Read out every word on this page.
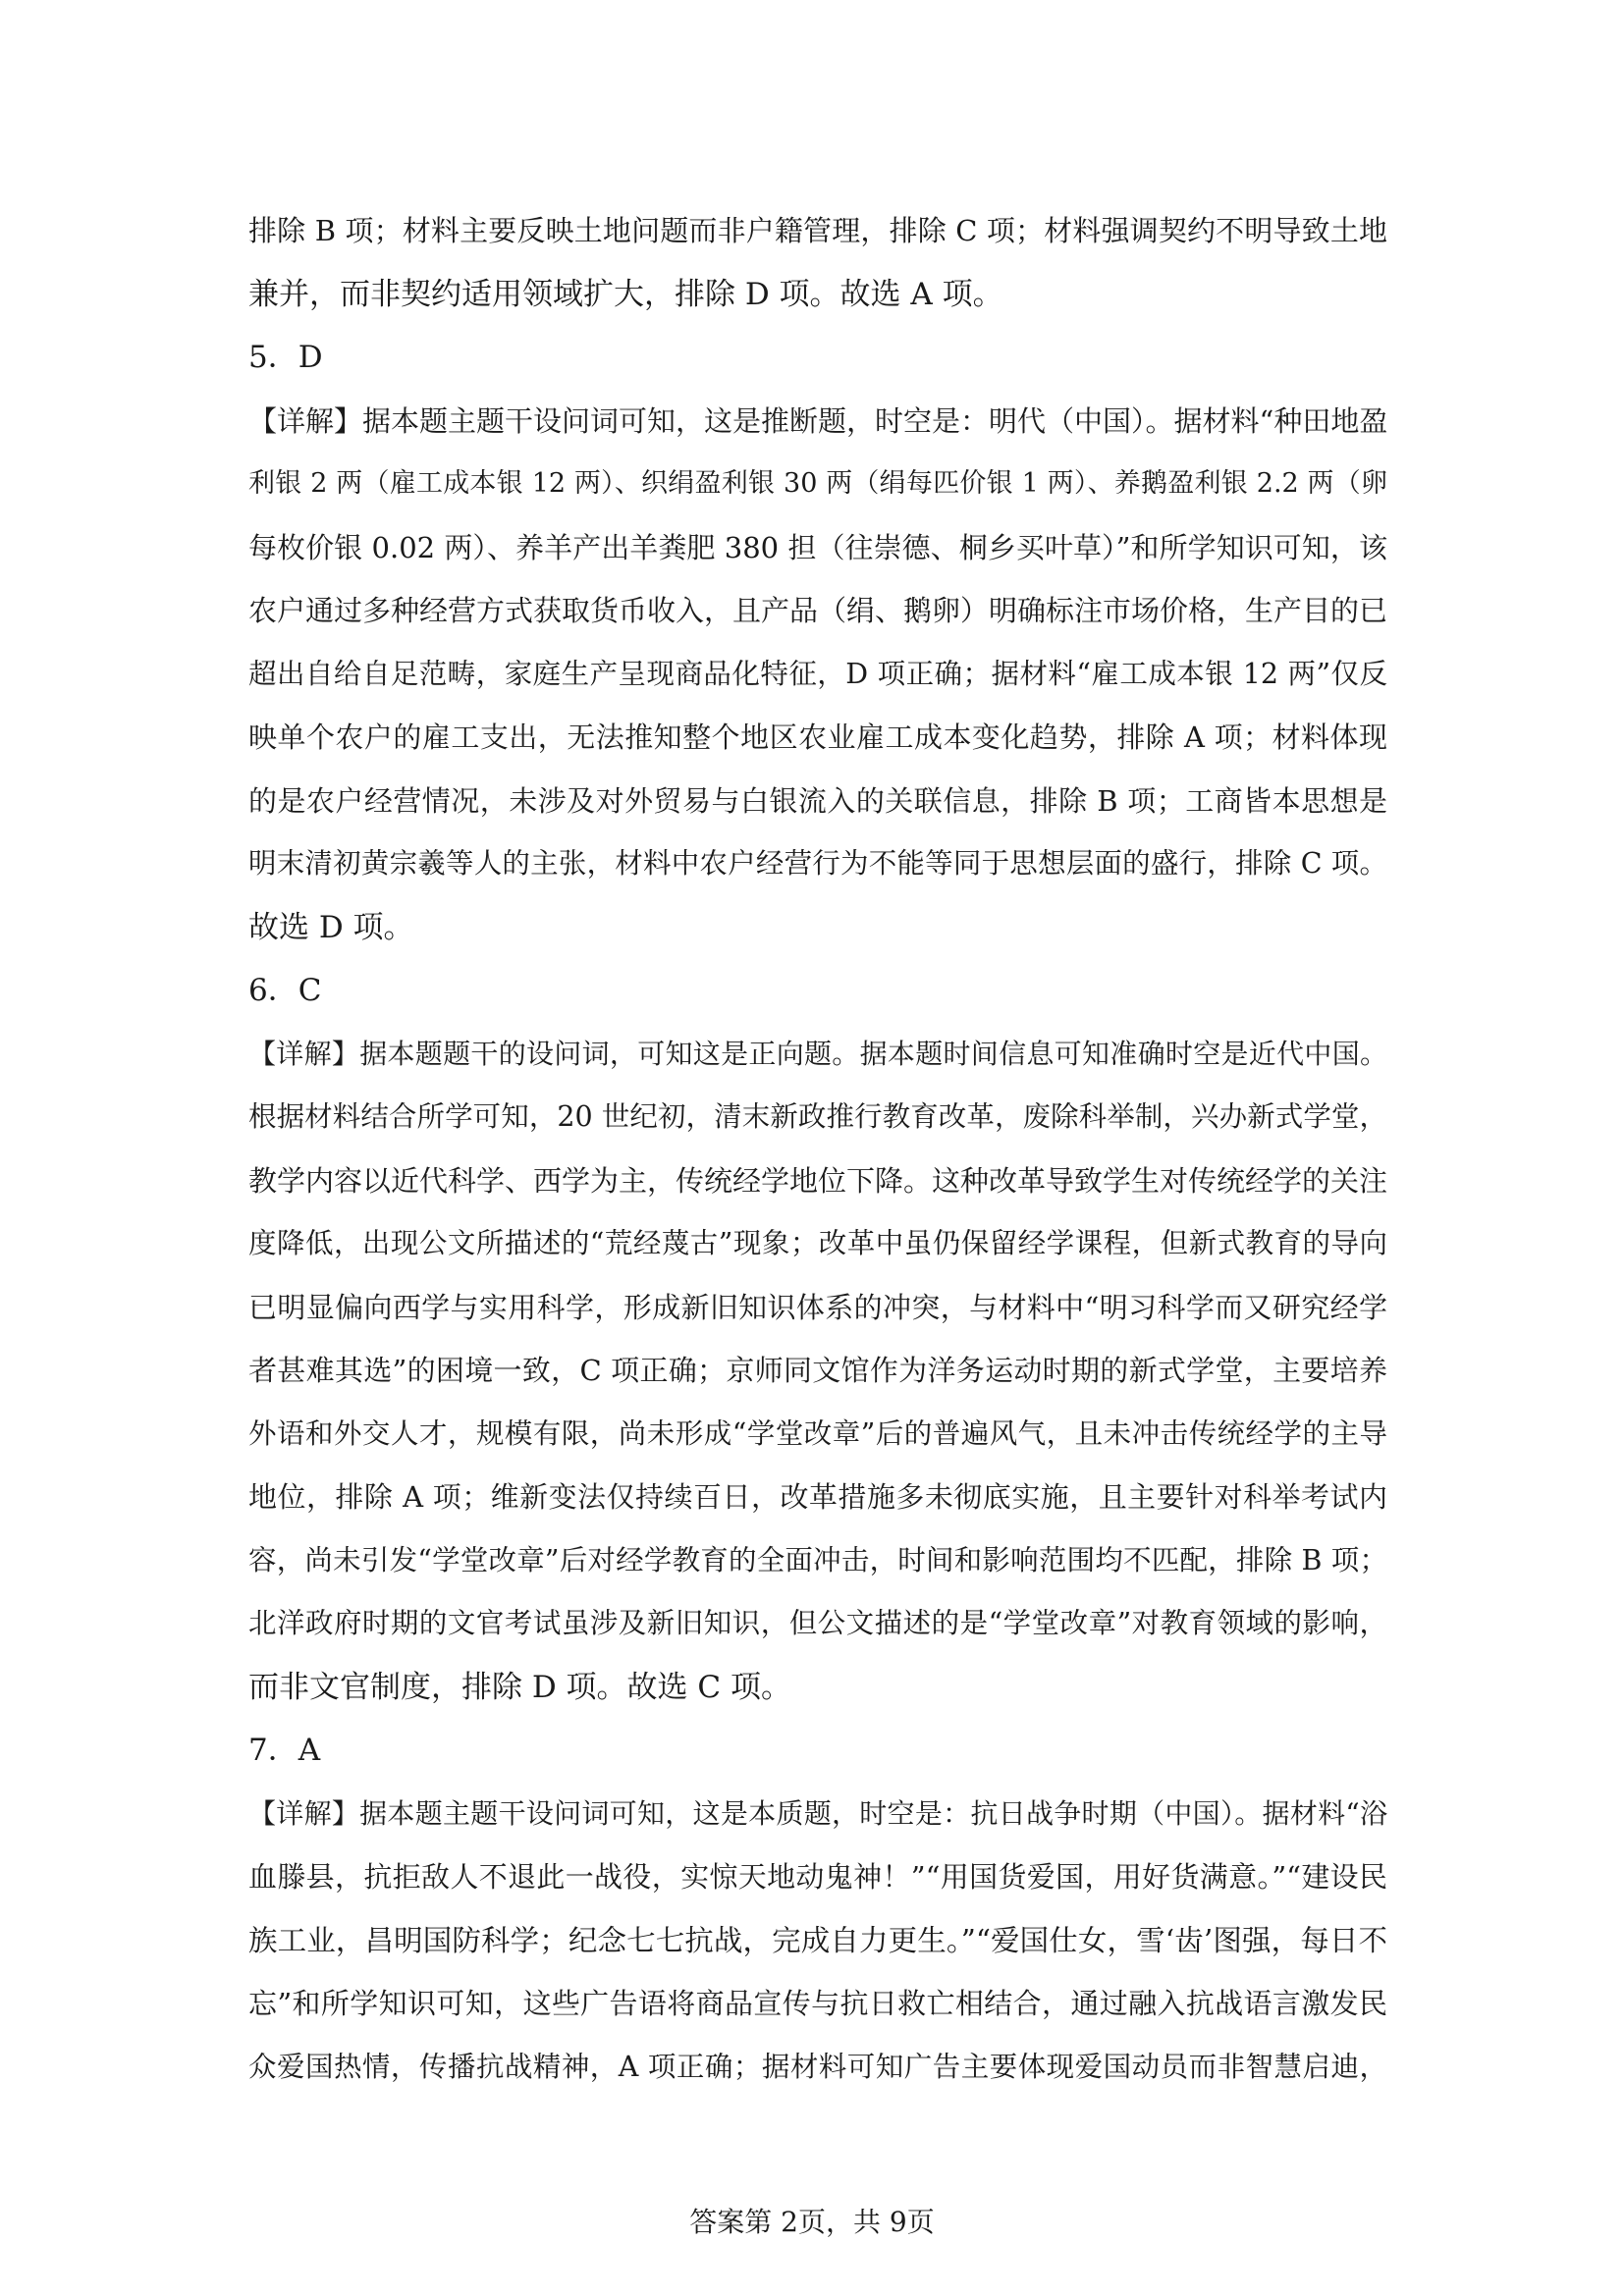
排除 B 项；材料主要反映土地问题而非户籍管理，排除 C 项；材料强调契约不明导致土地
兼并，而非契约适用领域扩大，排除 D 项。故选 A 项。
5．D
【详解】据本题主题干设问词可知，这是推断题，时空是：明代（中国）。据材料“种田地盈
利银 2 两（雇工成本银 12 两）、织绢盈利银 30 两（绢每匹价银 1 两）、养鹅盈利银 2.2 两（卵
每枚价银 0.02 两）、养羊产出羊粪肥 380 担（往崇德、桐乡买叶草）”和所学知识可知，该
农户通过多种经营方式获取货币收入，且产品（绢、鹅卵）明确标注市场价格，生产目的已
超出自给自足范畴，家庭生产呈现商品化特征，D 项正确；据材料“雇工成本银 12 两”仅反
映单个农户的雇工支出，无法推知整个地区农业雇工成本变化趋势，排除 A 项；材料体现
的是农户经营情况，未涉及对外贸易与白银流入的关联信息，排除 B 项；工商皆本思想是
明末清初黄宗羲等人的主张，材料中农户经营行为不能等同于思想层面的盛行，排除 C 项。
故选 D 项。
6．C
【详解】据本题题干的设问词，可知这是正向题。据本题时间信息可知准确时空是近代中国。
根据材料结合所学可知，20 世纪初，清末新政推行教育改革，废除科举制，兴办新式学堂，
教学内容以近代科学、西学为主，传统经学地位下降。这种改革导致学生对传统经学的关注
度降低，出现公文所描述的“荒经蔑古”现象；改革中虽仍保留经学课程，但新式教育的导向
已明显偏向西学与实用科学，形成新旧知识体系的冲突，与材料中“明习科学而又研究经学
者甚难其选”的困境一致，C 项正确；京师同文馆作为洋务运动时期的新式学堂，主要培养
外语和外交人才，规模有限，尚未形成“学堂改章”后的普遍风气，且未冲击传统经学的主导
地位，排除 A 项；维新变法仅持续百日，改革措施多未彻底实施，且主要针对科举考试内
容，尚未引发“学堂改章”后对经学教育的全面冲击，时间和影响范围均不匹配，排除 B 项；
北洋政府时期的文官考试虽涉及新旧知识，但公文描述的是“学堂改章”对教育领域的影响，
而非文官制度，排除 D 项。故选 C 项。
7．A
【详解】据本题主题干设问词可知，这是本质题，时空是：抗日战争时期（中国）。据材料“浴
血滕县，抗拒敌人不退此一战役，实惊天地动鬼神！”“用国货爱国，用好货满意。”“建设民
族工业，昌明国防科学；纪念七七抗战，完成自力更生。”“爱国仕女，雪‘齿’图强，每日不
忘”和所学知识可知，这些广告语将商品宣传与抗日救亡相结合，通过融入抗战语言激发民
众爱国热情，传播抗战精神，A 项正确；据材料可知广告主要体现爱国动员而非智慧启迪，
答案第 2页，共 9页
